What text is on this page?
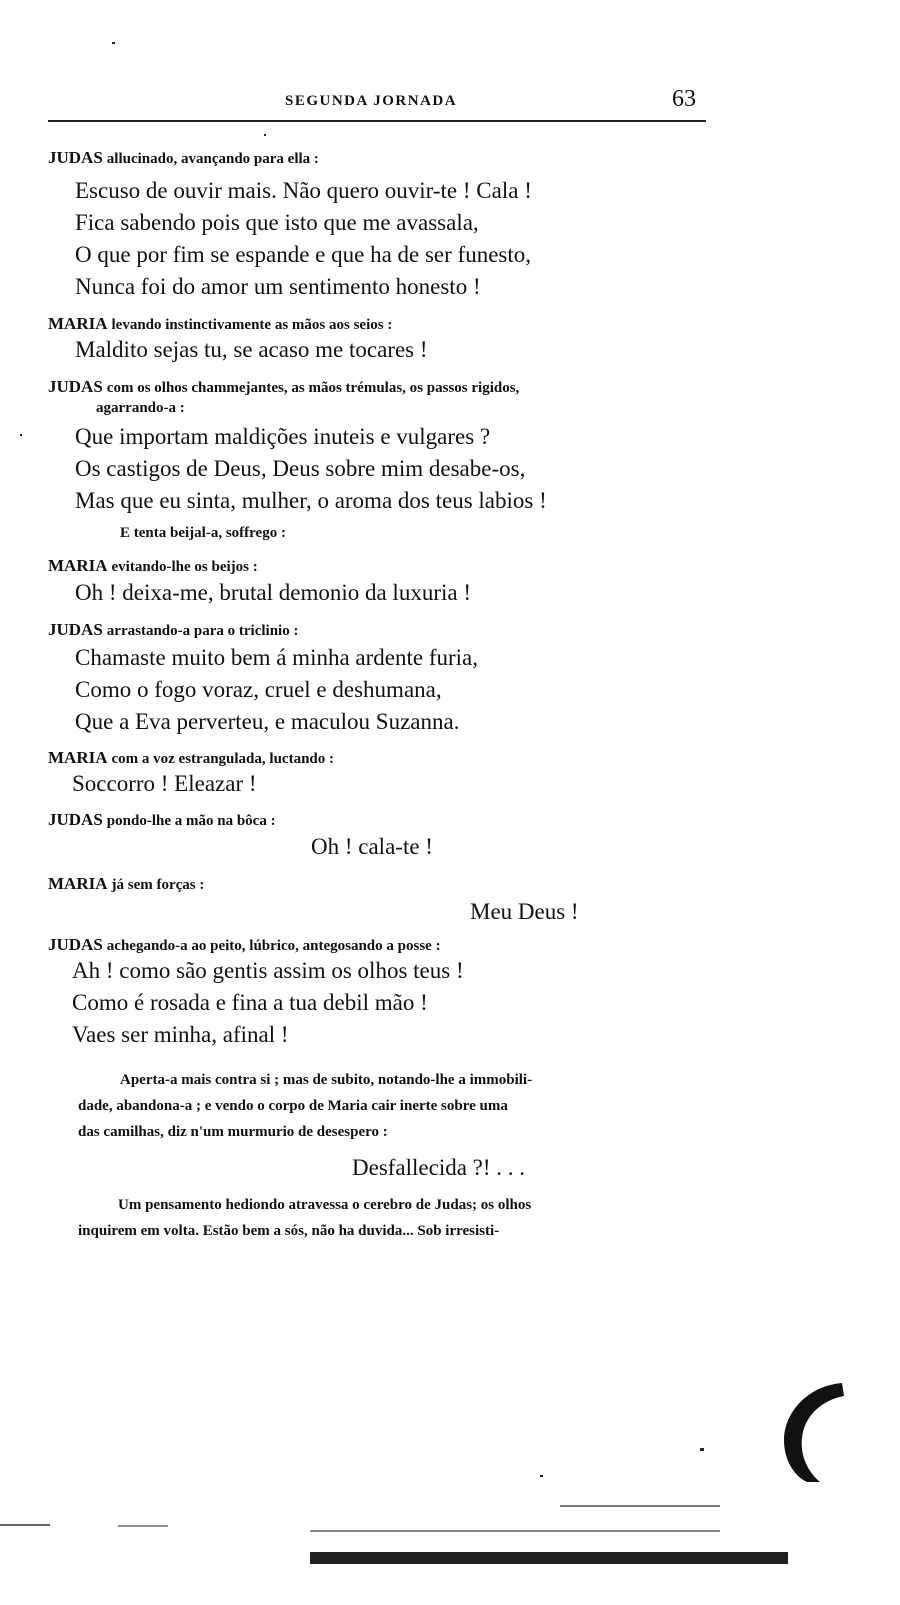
SEGUNDA JORNADA	63
JUDAS allucinado, avançando para ella :
Escuso de ouvir mais. Não quero ouvir-te ! Cala !
Fica sabendo pois que isto que me avassala,
O que por fim se espande e que ha de ser funesto,
Nunca foi do amor um sentimento honesto !
MARIA levando instinctivamente as mãos aos seios :
Maldito sejas tu, se acaso me tocares !
JUDAS com os olhos chammejantes, as mãos trémulas, os passos rigidos,
agarrando-a :
Que importam maldições inuteis e vulgares ?
Os castigos de Deus, Deus sobre mim desabe-os,
Mas que eu sinta, mulher, o aroma dos teus labios !
E tenta beijal-a, soffrego :
MARIA evitando-lhe os beijos :
Oh ! deixa-me, brutal demonio da luxuria !
JUDAS arrastando-a para o triclinio :
Chamaste muito bem á minha ardente furia,
Como o fogo voraz, cruel e deshumana,
Que a Eva perverteu, e maculou Suzanna.
MARIA com a voz estrangulada, luctando :
Soccorro ! Eleazar !
JUDAS pondo-lhe a mão na bôca :
Oh ! cala-te !
MARIA já sem forças :
Meu Deus !
JUDAS achegando-a ao peito, lúbrico, antegosando a posse :
Ah ! como são gentis assim os olhos teus !
Como é rosada e fina a tua debil mão !
Vaes ser minha, afinal !
Aperta-a mais contra si ; mas de subito, notando-lhe a immobili-
dade, abandona-a ; e vendo o corpo de Maria cair inerte sobre uma
das camilhas, diz n'um murmurio de desespero :
Desfallecida ?! . . .
Um pensamento hediondo atravessa o cerebro de Judas; os olhos
inquirem em volta. Estão bem a sós, não ha duvida... Sob irresisti-
